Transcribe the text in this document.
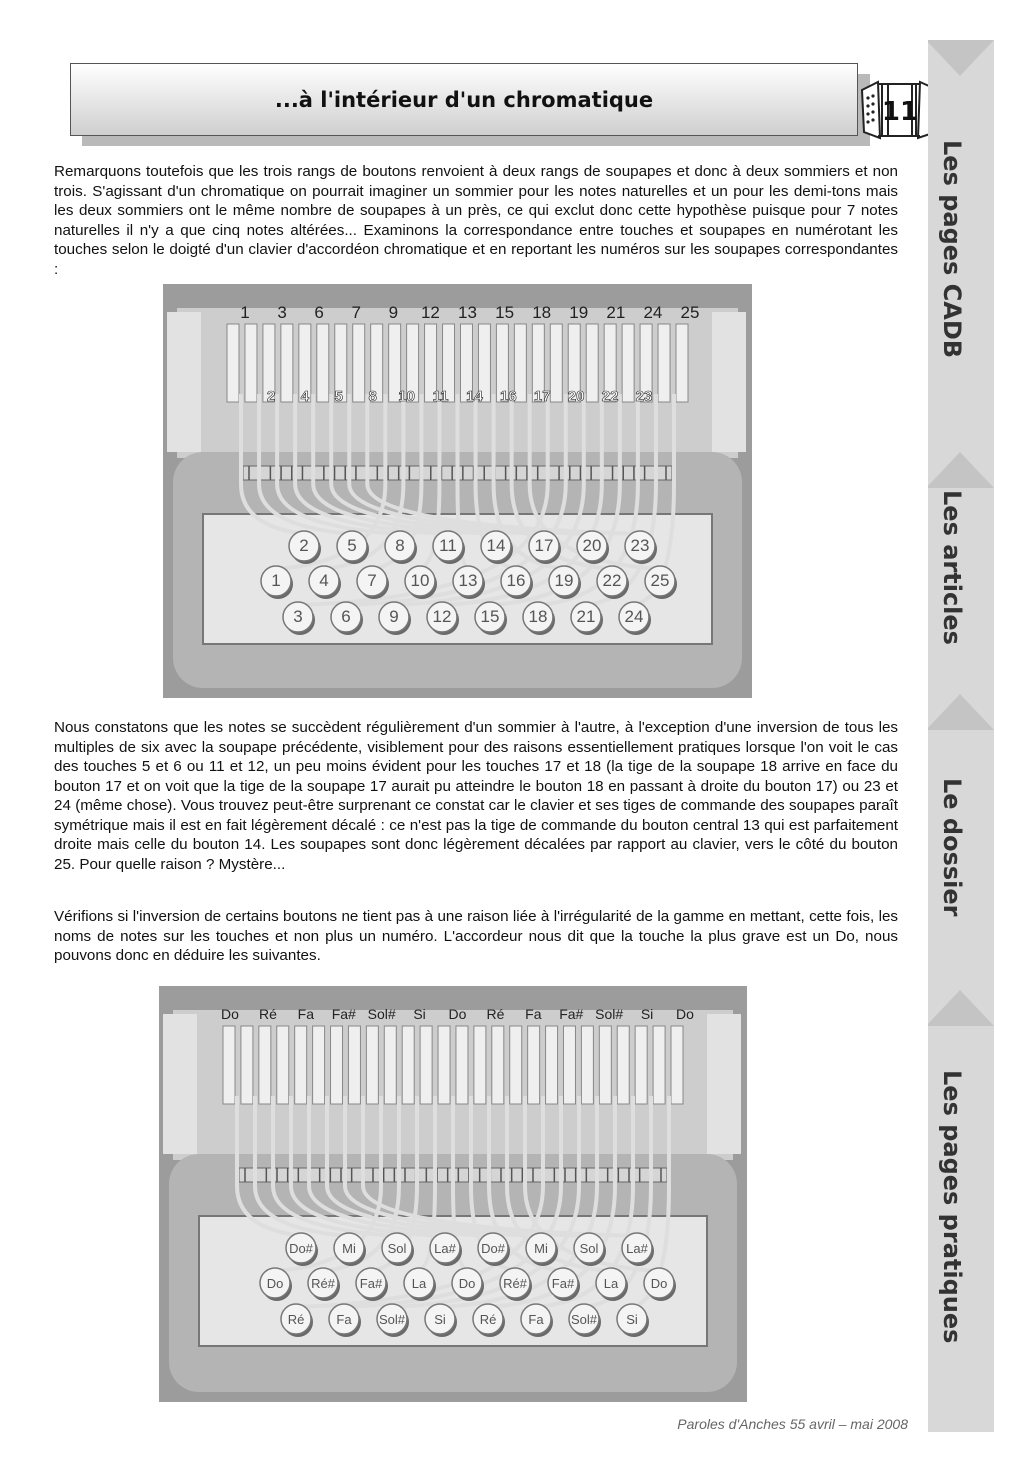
...à l'intérieur d'un chromatique	11
Les pages CADB
Les articles
Le dossier
Les pages pratiques

Remarquons toutefois que les trois rangs de boutons renvoient à deux rangs de soupapes et donc à deux sommiers et non trois. S'agissant d'un chromatique on pourrait imaginer un sommier pour les notes naturelles et un pour les demi-tons mais les deux sommiers ont le même nombre de soupapes à un près, ce qui exclut donc cette hypothèse puisque pour 7 notes naturelles il n'y a que cinq notes altérées... Examinons la correspondance entre touches et soupapes en numérotant les touches selon le doigté d'un clavier d'accordéon chromatique et en reportant les numéros sur les soupapes correspondantes :

2 5 8 11 14 17 20 23
1 4 7 10 13 16 19 22 25
3 6 9 12 15 18 21 24
1 3 6 7 9 12 13 15 18 19 21 24 25
2 4 5 8 10 11 14 16 17 20 22 23

Nous constatons que les notes se succèdent régulièrement d'un sommier à l'autre, à l'exception d'une inversion de tous les multiples de six avec la soupape précédente, visiblement pour des raisons essentiellement pratiques lorsque l'on voit le cas des touches 5 et 6 ou 11 et 12, un peu moins évident pour les touches 17 et 18 (la tige de la soupape 18 arrive en face du bouton 17 et on voit que la tige de la soupape 17 aurait pu atteindre le bouton 18 en passant à droite du bouton 17) ou 23 et 24 (même chose). Vous trouvez peut-être surprenant ce constat car le clavier et ses tiges de commande des soupapes paraît symétrique mais il est en fait légèrement décalé : ce n'est pas la tige de commande du bouton central 13 qui est parfaitement droite mais celle du bouton 14. Les soupapes sont donc légèrement décalées par rapport au clavier, vers le côté du bouton 25. Pour quelle raison ? Mystère...

Vérifions si l'inversion de certains boutons ne tient pas à une raison liée à l'irrégularité de la gamme en mettant, cette fois, les noms de notes sur les touches et non plus un numéro. L'accordeur nous dit que la touche la plus grave est un Do, nous pouvons donc en déduire les suivantes.

Do# Mi Sol La# Do# Mi Sol La#
Do Ré# Fa# La Do Ré# Fa# La Do
Ré Fa Sol# Si	Ré Fa Sol# Si
Do Ré Fa Fa# Sol# Si Do Ré Fa Fa# Sol# Si Do
Paroles d'Anches 55 avril – mai 2008
